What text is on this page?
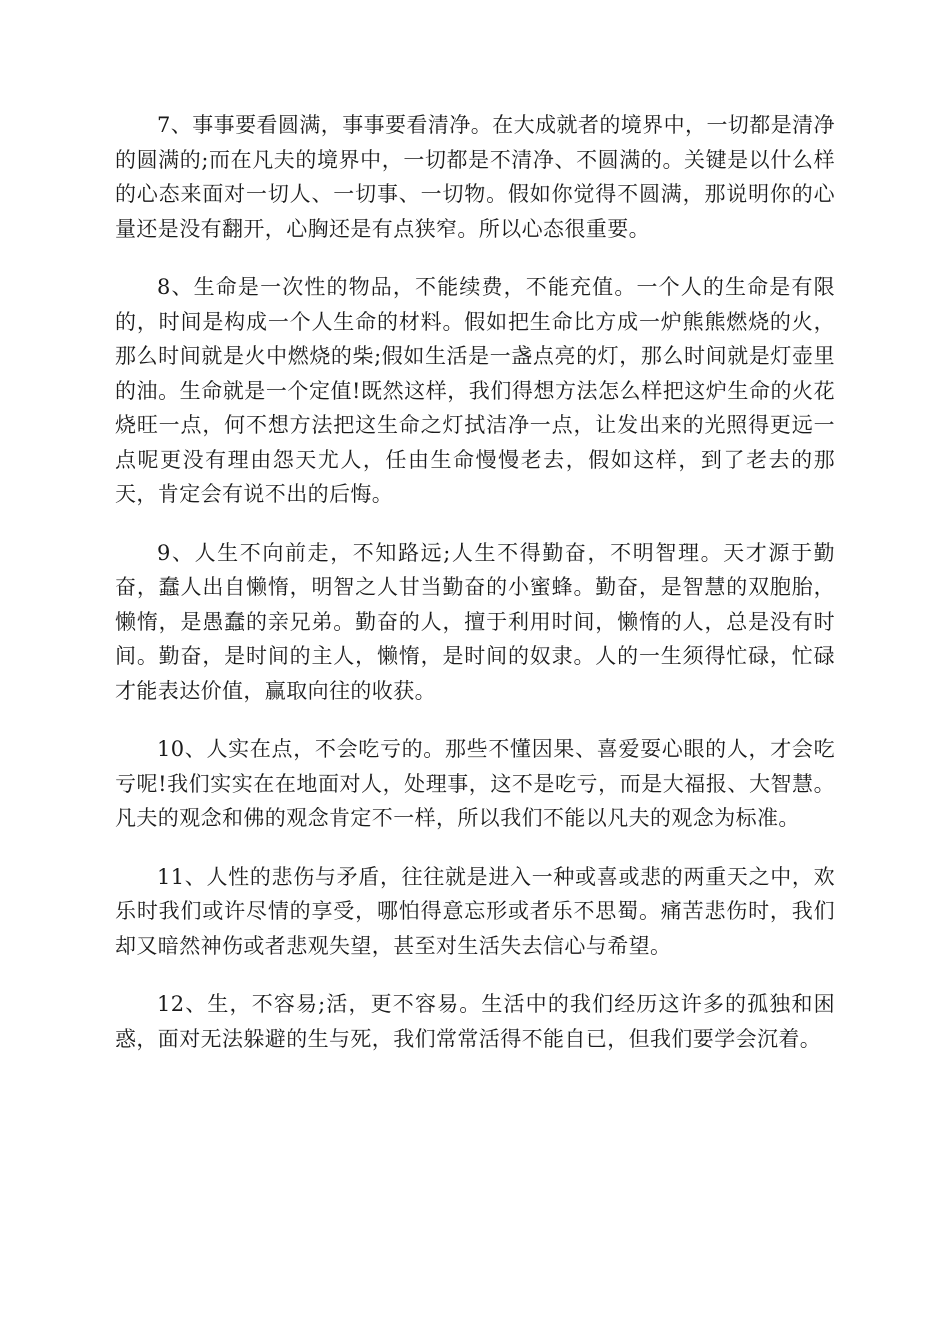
7、事事要看圆满，事事要看清净。在大成就者的境界中，一切都是清净的圆满的;而在凡夫的境界中，一切都是不清净、不圆满的。关键是以什么样的心态来面对一切人、一切事、一切物。假如你觉得不圆满，那说明你的心量还是没有翻开，心胸还是有点狭窄。所以心态很重要。

8、生命是一次性的物品，不能续费，不能充值。一个人的生命是有限的，时间是构成一个人生命的材料。假如把生命比方成一炉熊熊燃烧的火，那么时间就是火中燃烧的柴;假如生活是一盏点亮的灯，那么时间就是灯壶里的油。生命就是一个定值!既然这样，我们得想方法怎么样把这炉生命的火花烧旺一点，何不想方法把这生命之灯拭洁净一点，让发出来的光照得更远一点呢更没有理由怨天尤人，任由生命慢慢老去，假如这样，到了老去的那天，肯定会有说不出的后悔。

9、人生不向前走，不知路远;人生不得勤奋，不明智理。天才源于勤奋，蠢人出自懒惰，明智之人甘当勤奋的小蜜蜂。勤奋，是智慧的双胞胎，懒惰，是愚蠢的亲兄弟。勤奋的人，擅于利用时间，懒惰的人，总是没有时间。勤奋，是时间的主人，懒惰，是时间的奴隶。人的一生须得忙碌，忙碌才能表达价值，赢取向往的收获。

10、人实在点，不会吃亏的。那些不懂因果、喜爱耍心眼的人，才会吃亏呢!我们实实在在地面对人，处理事，这不是吃亏，而是大福报、大智慧。凡夫的观念和佛的观念肯定不一样，所以我们不能以凡夫的观念为标准。

11、人性的悲伤与矛盾，往往就是进入一种或喜或悲的两重天之中，欢乐时我们或许尽情的享受，哪怕得意忘形或者乐不思蜀。痛苦悲伤时，我们却又暗然神伤或者悲观失望，甚至对生活失去信心与希望。

12、生，不容易;活，更不容易。生活中的我们经历这许多的孤独和困惑，面对无法躲避的生与死，我们常常活得不能自已，但我们要学会沉着。
